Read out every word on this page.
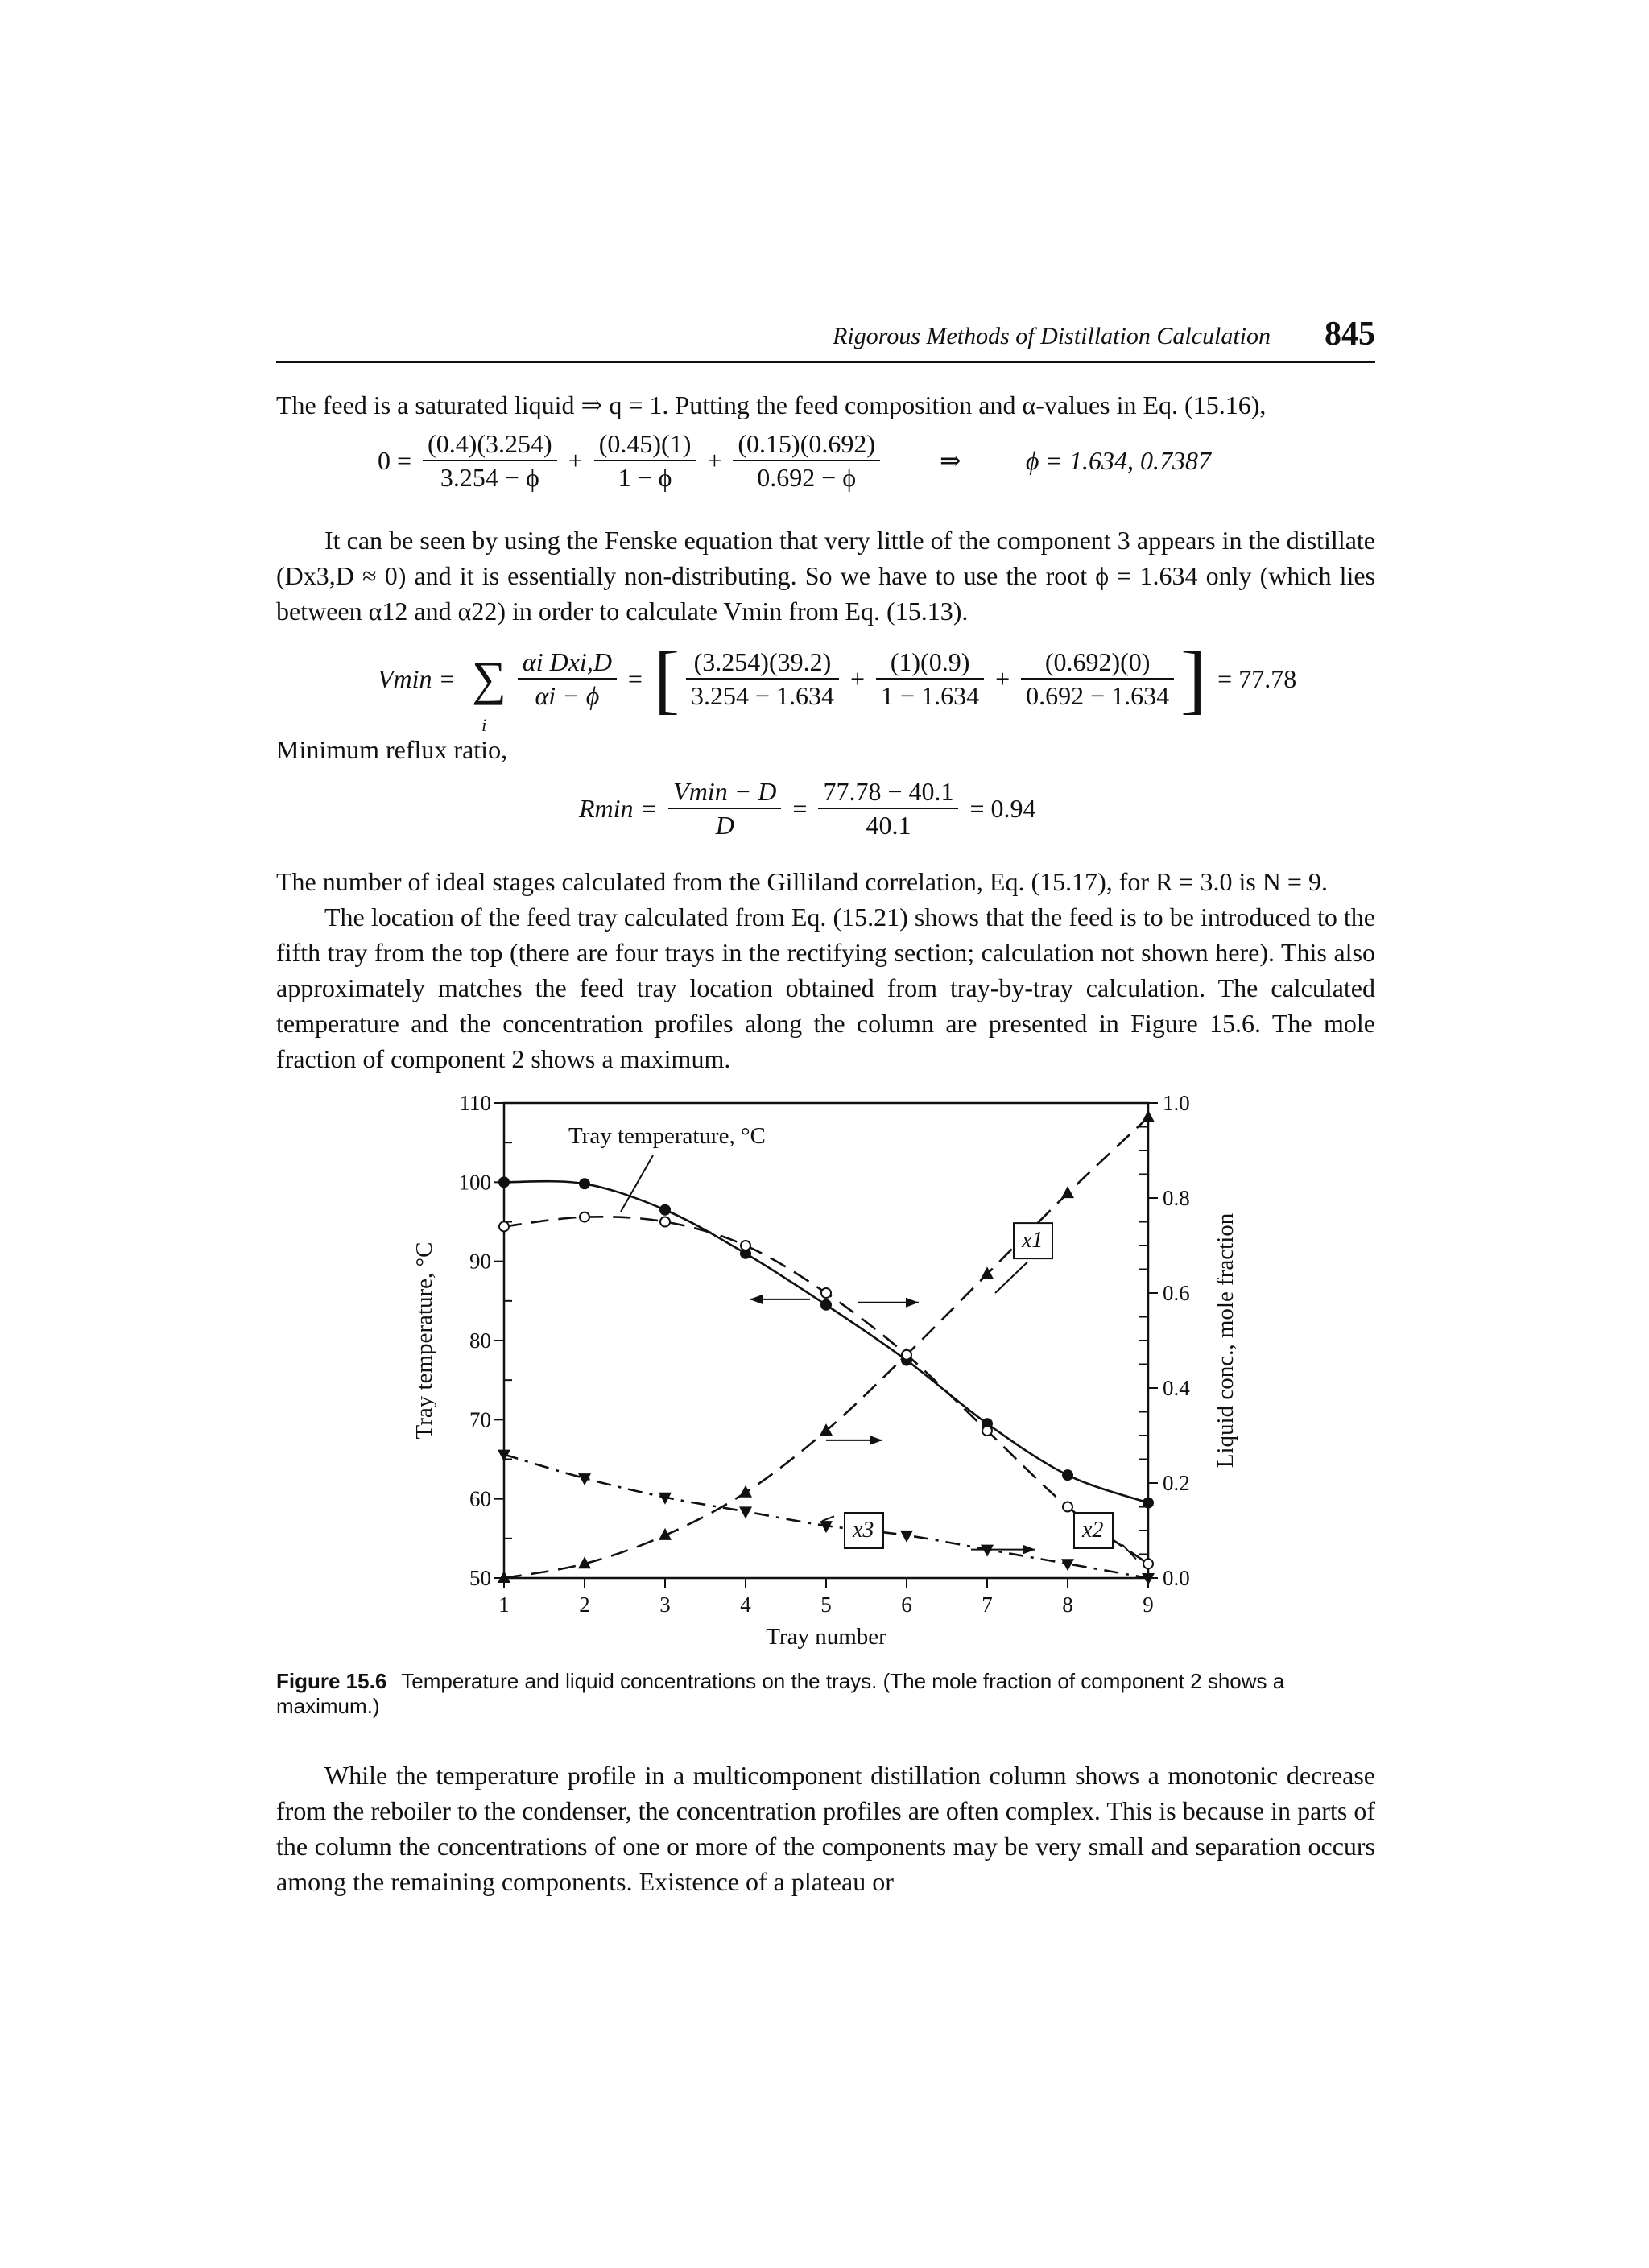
Rigorous Methods of Distillation Calculation 845

The feed is a saturated liquid ⇒ q = 1. Putting the feed composition and α-values in Eq. (15.16),

$0 = \frac{(0.4)(3.254)}{3.254 - \phi} + \frac{(0.45)(1)}{1 - \phi} + \frac{(0.15)(0.692)}{0.692 - \phi}$ ⇒	ϕ = 1.634, 0.7387

It can be seen by using the Fenske equation that very little of the component 3 appears in the distillate (Dx3,D ≈ 0) and it is essentially non-distributing. So we have to use the root ϕ = 1.634 only (which lies between α12 and α22) in order to calculate Vmin from Eq. (15.13).

Vmin = ∑
i

$\frac{\text{αi Dxi,D}}{\alpha i - \phi}$ = [ $\frac{(3.254)(39.2)}{3.254 - 1.634} + \frac{(1)(0.9)}{1 - 1.634} + \frac{(0.692)(0)}{0.692 - 1.634}$ ] = 77.78

Minimum reflux ratio,

$Rmin = \frac{Vmin - D}{D} = \frac{77.78 - 40.1}{40.1} = 0.94$

The number of ideal stages calculated from the Gilliland correlation, Eq. (15.17), for R = 3.0 is N = 9.

The location of the feed tray calculated from Eq. (15.21) shows that the feed is to be introduced to the fifth tray from the top (there are four trays in the rectifying section; calculation not shown here). This also approximately matches the feed tray location obtained from tray-by-tray calculation. The calculated temperature and the concentration profiles along the column are presented in Figure 15.6. The mole fraction of component 2 shows a maximum.

50
60
70
80
90
100
110
0.0
0.2
0.4
0.6
0.8
1.0
1	2	3	4	5	6	7	8	9
Tray number
Tray temperature, °C	Liquid conc., mole fraction
Tray temperature, °C
x1
x2
x3
Figure 15.6 Temperature and liquid concentrations on the trays. (The mole fraction of component 2 shows a maximum.)

While the temperature profile in a multicomponent distillation column shows a monotonic decrease from the reboiler to the condenser, the concentration profiles are often complex. This is because in parts of the column the concentrations of one or more of the components may be very small and separation occurs among the remaining components. Existence of a plateau or
